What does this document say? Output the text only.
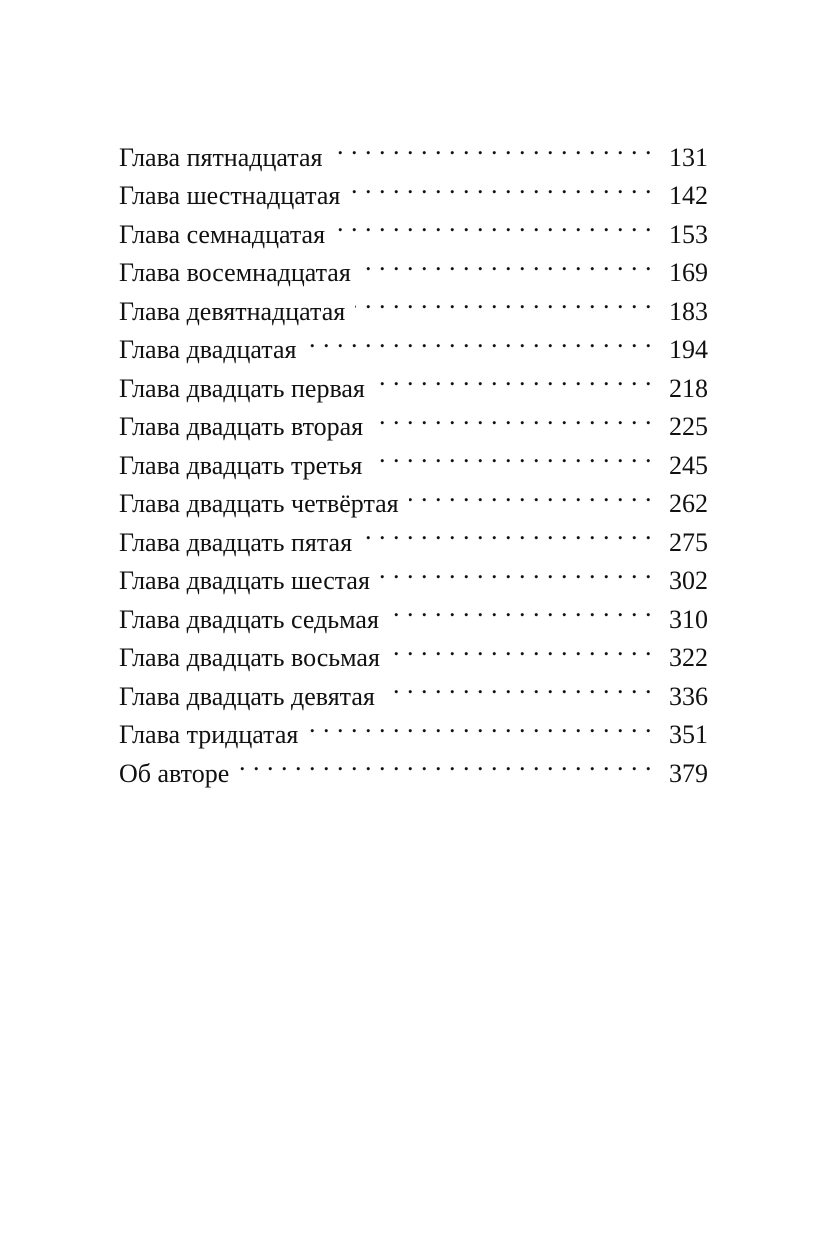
Глава пятнадцатая . . .	131
Глава шестнадцатая . . .	142
Глава семнадцатая . . .	153
Глава восемнадцатая . . .	169
Глава девятнадцатая . . .	183
Глава двадцатая . . .	194
Глава двадцать первая . . .	218
Глава двадцать вторая . . .	225
Глава двадцать третья . . .	245
Глава двадцать четвёртая . . .	262
Глава двадцать пятая . . .	275
Глава двадцать шестая . . .	302
Глава двадцать седьмая . . .	310
Глава двадцать восьмая . . .	322
Глава двадцать девятая . . .	336
Глава тридцатая . . .	351
Об авторе . . .	379
